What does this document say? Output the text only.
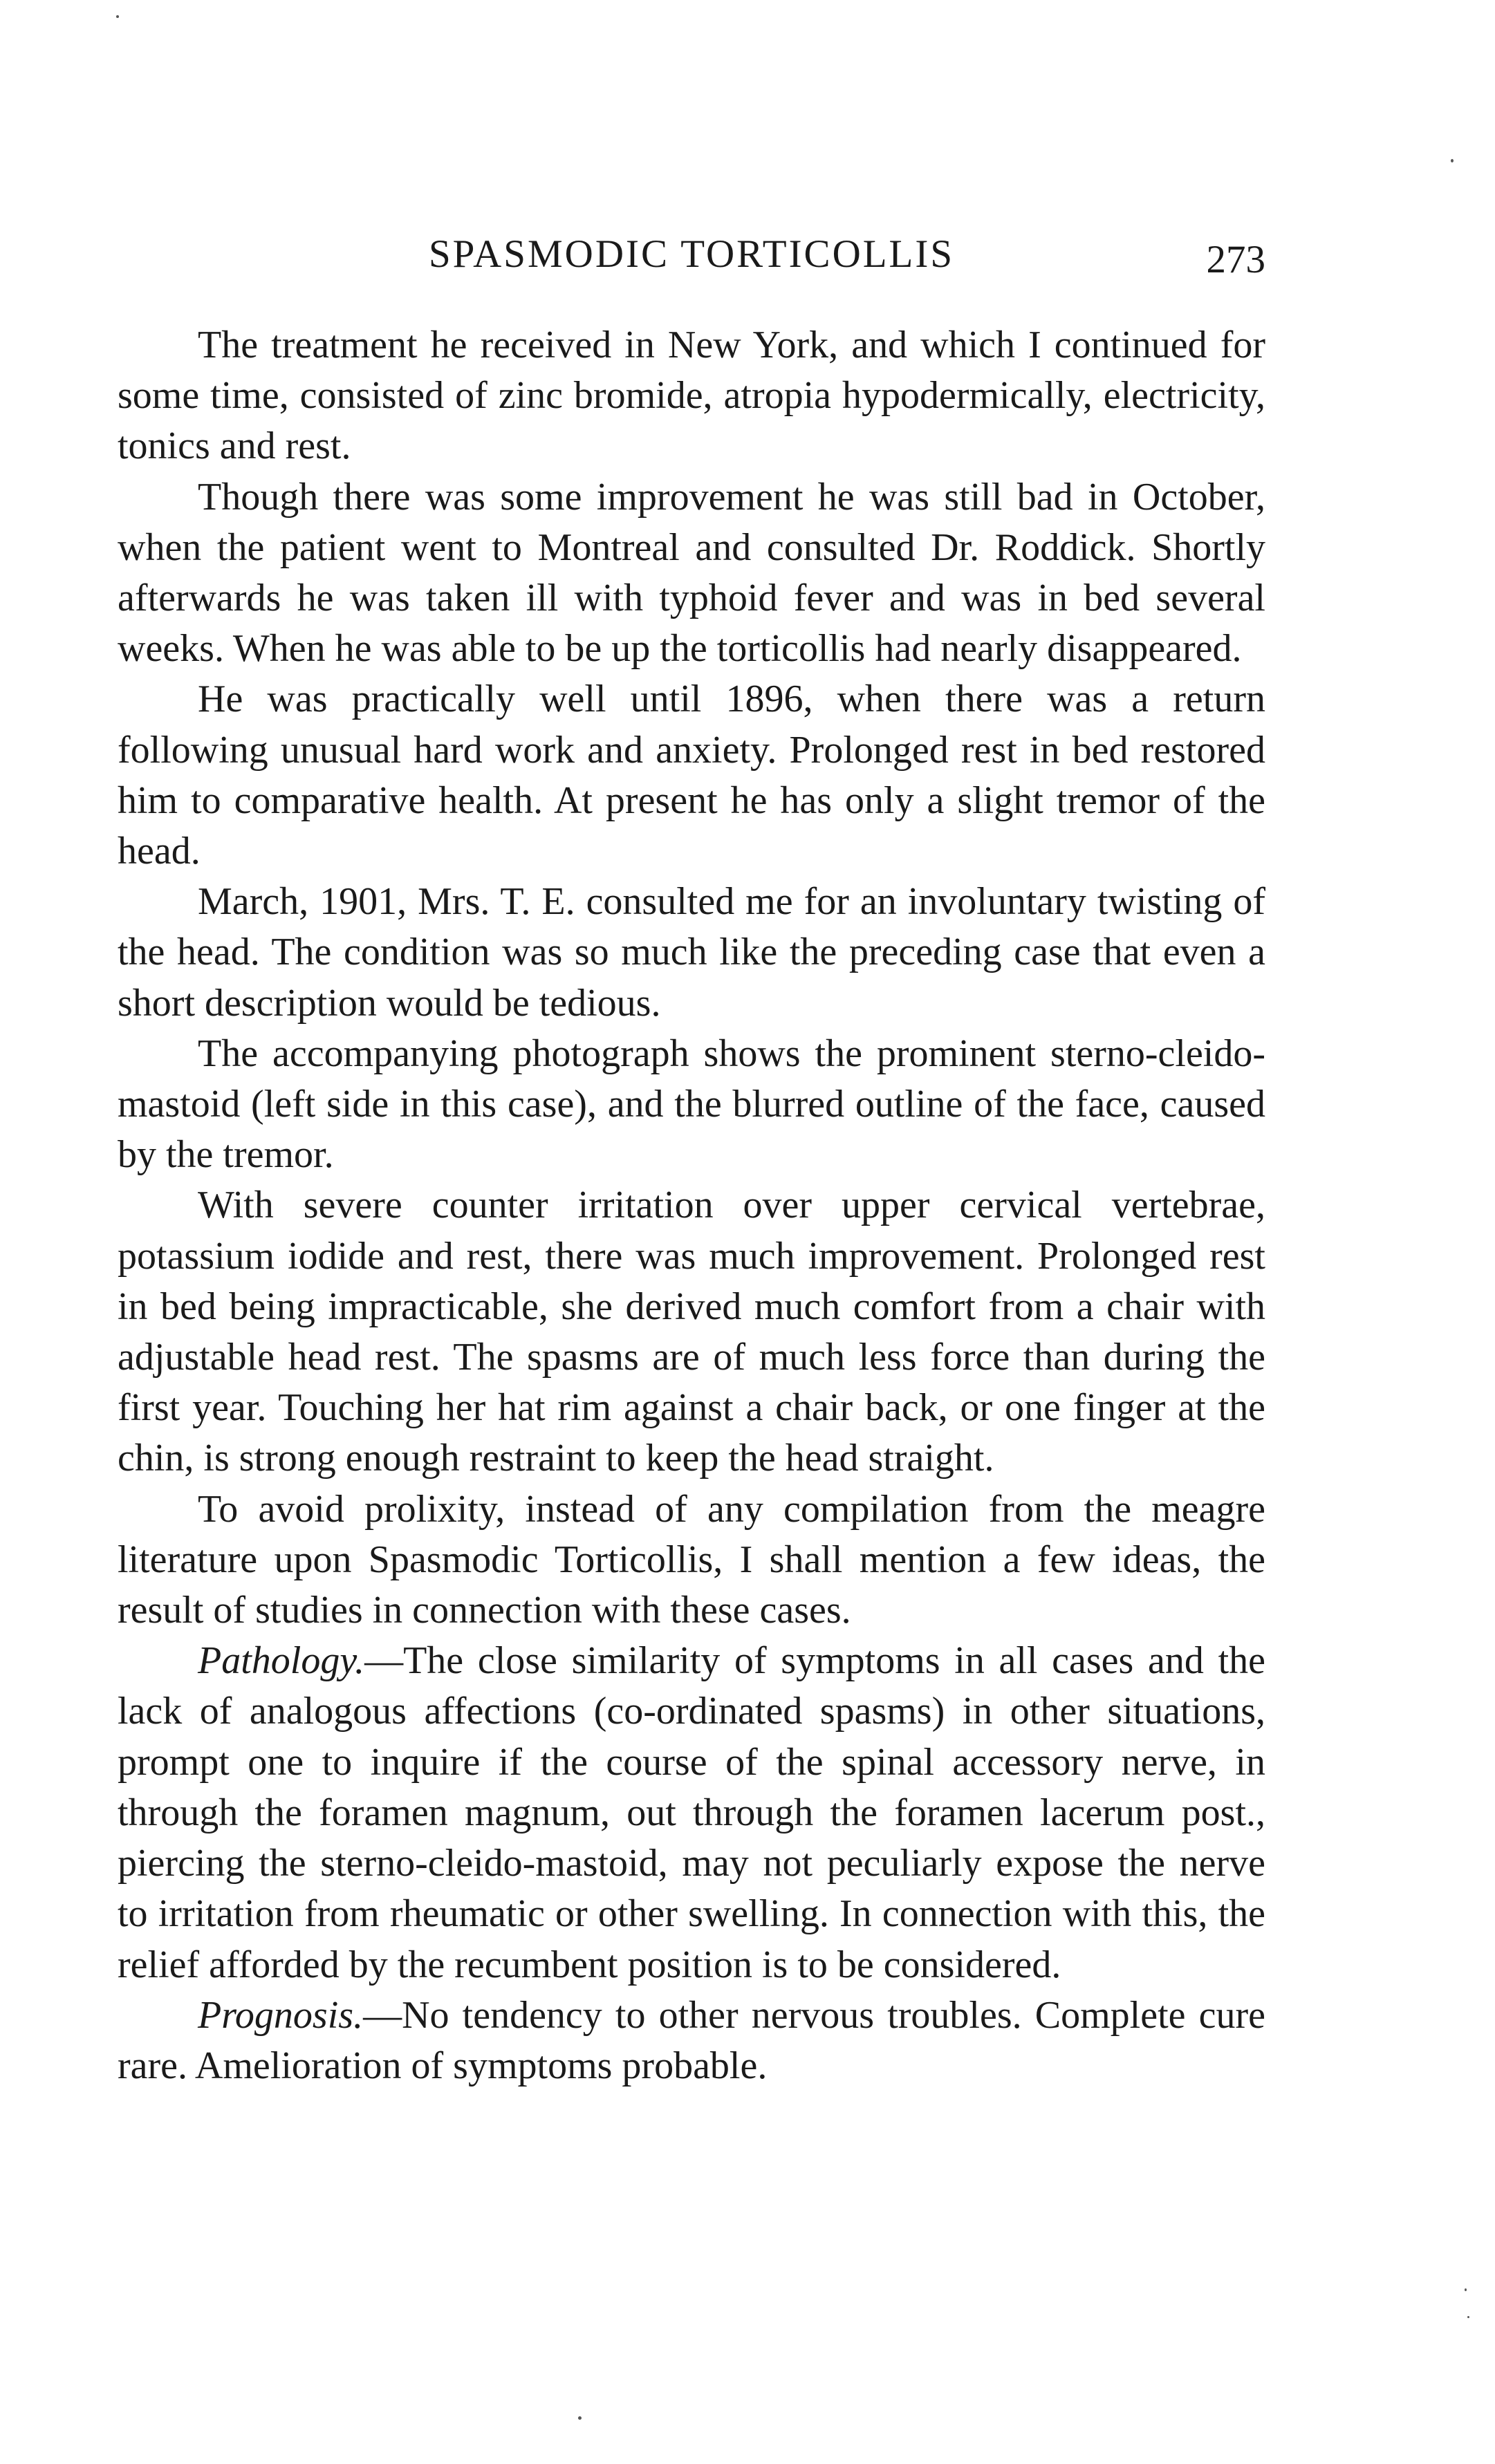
SPASMODIC TORTICOLLIS	273

The treatment he received in New York, and which I continued for some time, consisted of zinc bromide, atropia hypodermically, electricity, tonics and rest.

Though there was some improvement he was still bad in October, when the patient went to Montreal and consulted Dr. Roddick. Shortly afterwards he was taken ill with typhoid fever and was in bed several weeks. When he was able to be up the torticollis had nearly disappeared.

He was practically well until 1896, when there was a return following unusual hard work and anxiety. Prolonged rest in bed restored him to comparative health. At present he has only a slight tremor of the head.

March, 1901, Mrs. T. E. consulted me for an involuntary twisting of the head. The condition was so much like the preceding case that even a short description would be tedious.

The accompanying photograph shows the prominent sterno-cleido-mastoid (left side in this case), and the blurred outline of the face, caused by the tremor.

With severe counter irritation over upper cervical vertebrae, potassium iodide and rest, there was much improvement. Prolonged rest in bed being impracticable, she derived much comfort from a chair with adjustable head rest. The spasms are of much less force than during the first year. Touching her hat rim against a chair back, or one finger at the chin, is strong enough restraint to keep the head straight.

To avoid prolixity, instead of any compilation from the meagre literature upon Spasmodic Torticollis, I shall mention a few ideas, the result of studies in connection with these cases.

Pathology.—The close similarity of symptoms in all cases and the lack of analogous affections (co-ordinated spasms) in other situations, prompt one to inquire if the course of the spinal accessory nerve, in through the foramen magnum, out through the foramen lacerum post., piercing the sterno-cleido-mastoid, may not peculiarly expose the nerve to irritation from rheumatic or other swelling. In connection with this, the relief afforded by the recumbent position is to be considered.

Prognosis.—No tendency to other nervous troubles. Complete cure rare. Amelioration of symptoms probable.
